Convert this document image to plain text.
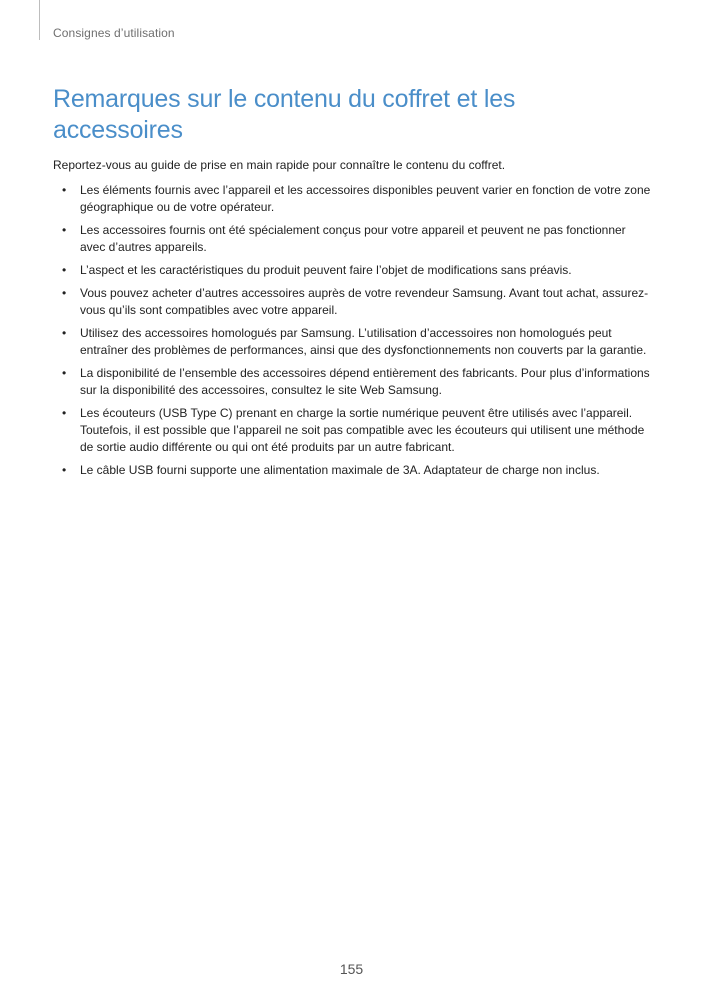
Consignes d’utilisation
Remarques sur le contenu du coffret et les accessoires

Reportez-vous au guide de prise en main rapide pour connaître le contenu du coffret.

• Les éléments fournis avec l’appareil et les accessoires disponibles peuvent varier en fonction de votre zone géographique ou de votre opérateur.
• Les accessoires fournis ont été spécialement conçus pour votre appareil et peuvent ne pas fonctionner avec d’autres appareils.
• L’aspect et les caractéristiques du produit peuvent faire l’objet de modifications sans préavis.
• Vous pouvez acheter d’autres accessoires auprès de votre revendeur Samsung. Avant tout achat, assurez-vous qu’ils sont compatibles avec votre appareil.
• Utilisez des accessoires homologués par Samsung. L’utilisation d’accessoires non homologués peut entraîner des problèmes de performances, ainsi que des dysfonctionnements non couverts par la garantie.
• La disponibilité de l’ensemble des accessoires dépend entièrement des fabricants. Pour plus d’informations sur la disponibilité des accessoires, consultez le site Web Samsung.
• Les écouteurs (USB Type C) prenant en charge la sortie numérique peuvent être utilisés avec l’appareil. Toutefois, il est possible que l’appareil ne soit pas compatible avec les écouteurs qui utilisent une méthode de sortie audio différente ou qui ont été produits par un autre fabricant.
• Le câble USB fourni supporte une alimentation maximale de 3A. Adaptateur de charge non inclus.
155
